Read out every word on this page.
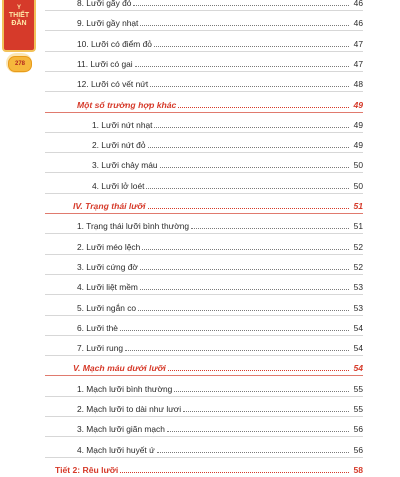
Y
THIẾT
ĐẦN
278
8. Lưỡi gãy đỏ	46
9. Lưỡi gầy nhạt	46
10. Lưỡi có điểm đỏ	47
11. Lưỡi có gai	47
12. Lưỡi có vết nứt	48
Một số trường hợp khác	49
1. Lưỡi nứt nhạt	49
2. Lưỡi nứt đỏ	49
3. Lưỡi chảy máu	50
4. Lưỡi lở loét	50
IV. Trạng thái lưỡi	51
1. Trạng thái lưỡi bình thường	51
2. Lưỡi méo lệch	52
3. Lưỡi cứng đờ	52
4. Lưỡi liệt mềm	53
5. Lưỡi ngắn co	53
6. Lưỡi thè	54
7. Lưỡi rung	54
V. Mạch máu dưới lưỡi	54
1. Mạch lưỡi bình thường	55
2. Mạch lưỡi to dài như lươi	55
3. Mạch lưỡi giãn mạch	56
4. Mạch lưỡi huyết ứ	56
Tiết 2: Rêu lưỡi	58
